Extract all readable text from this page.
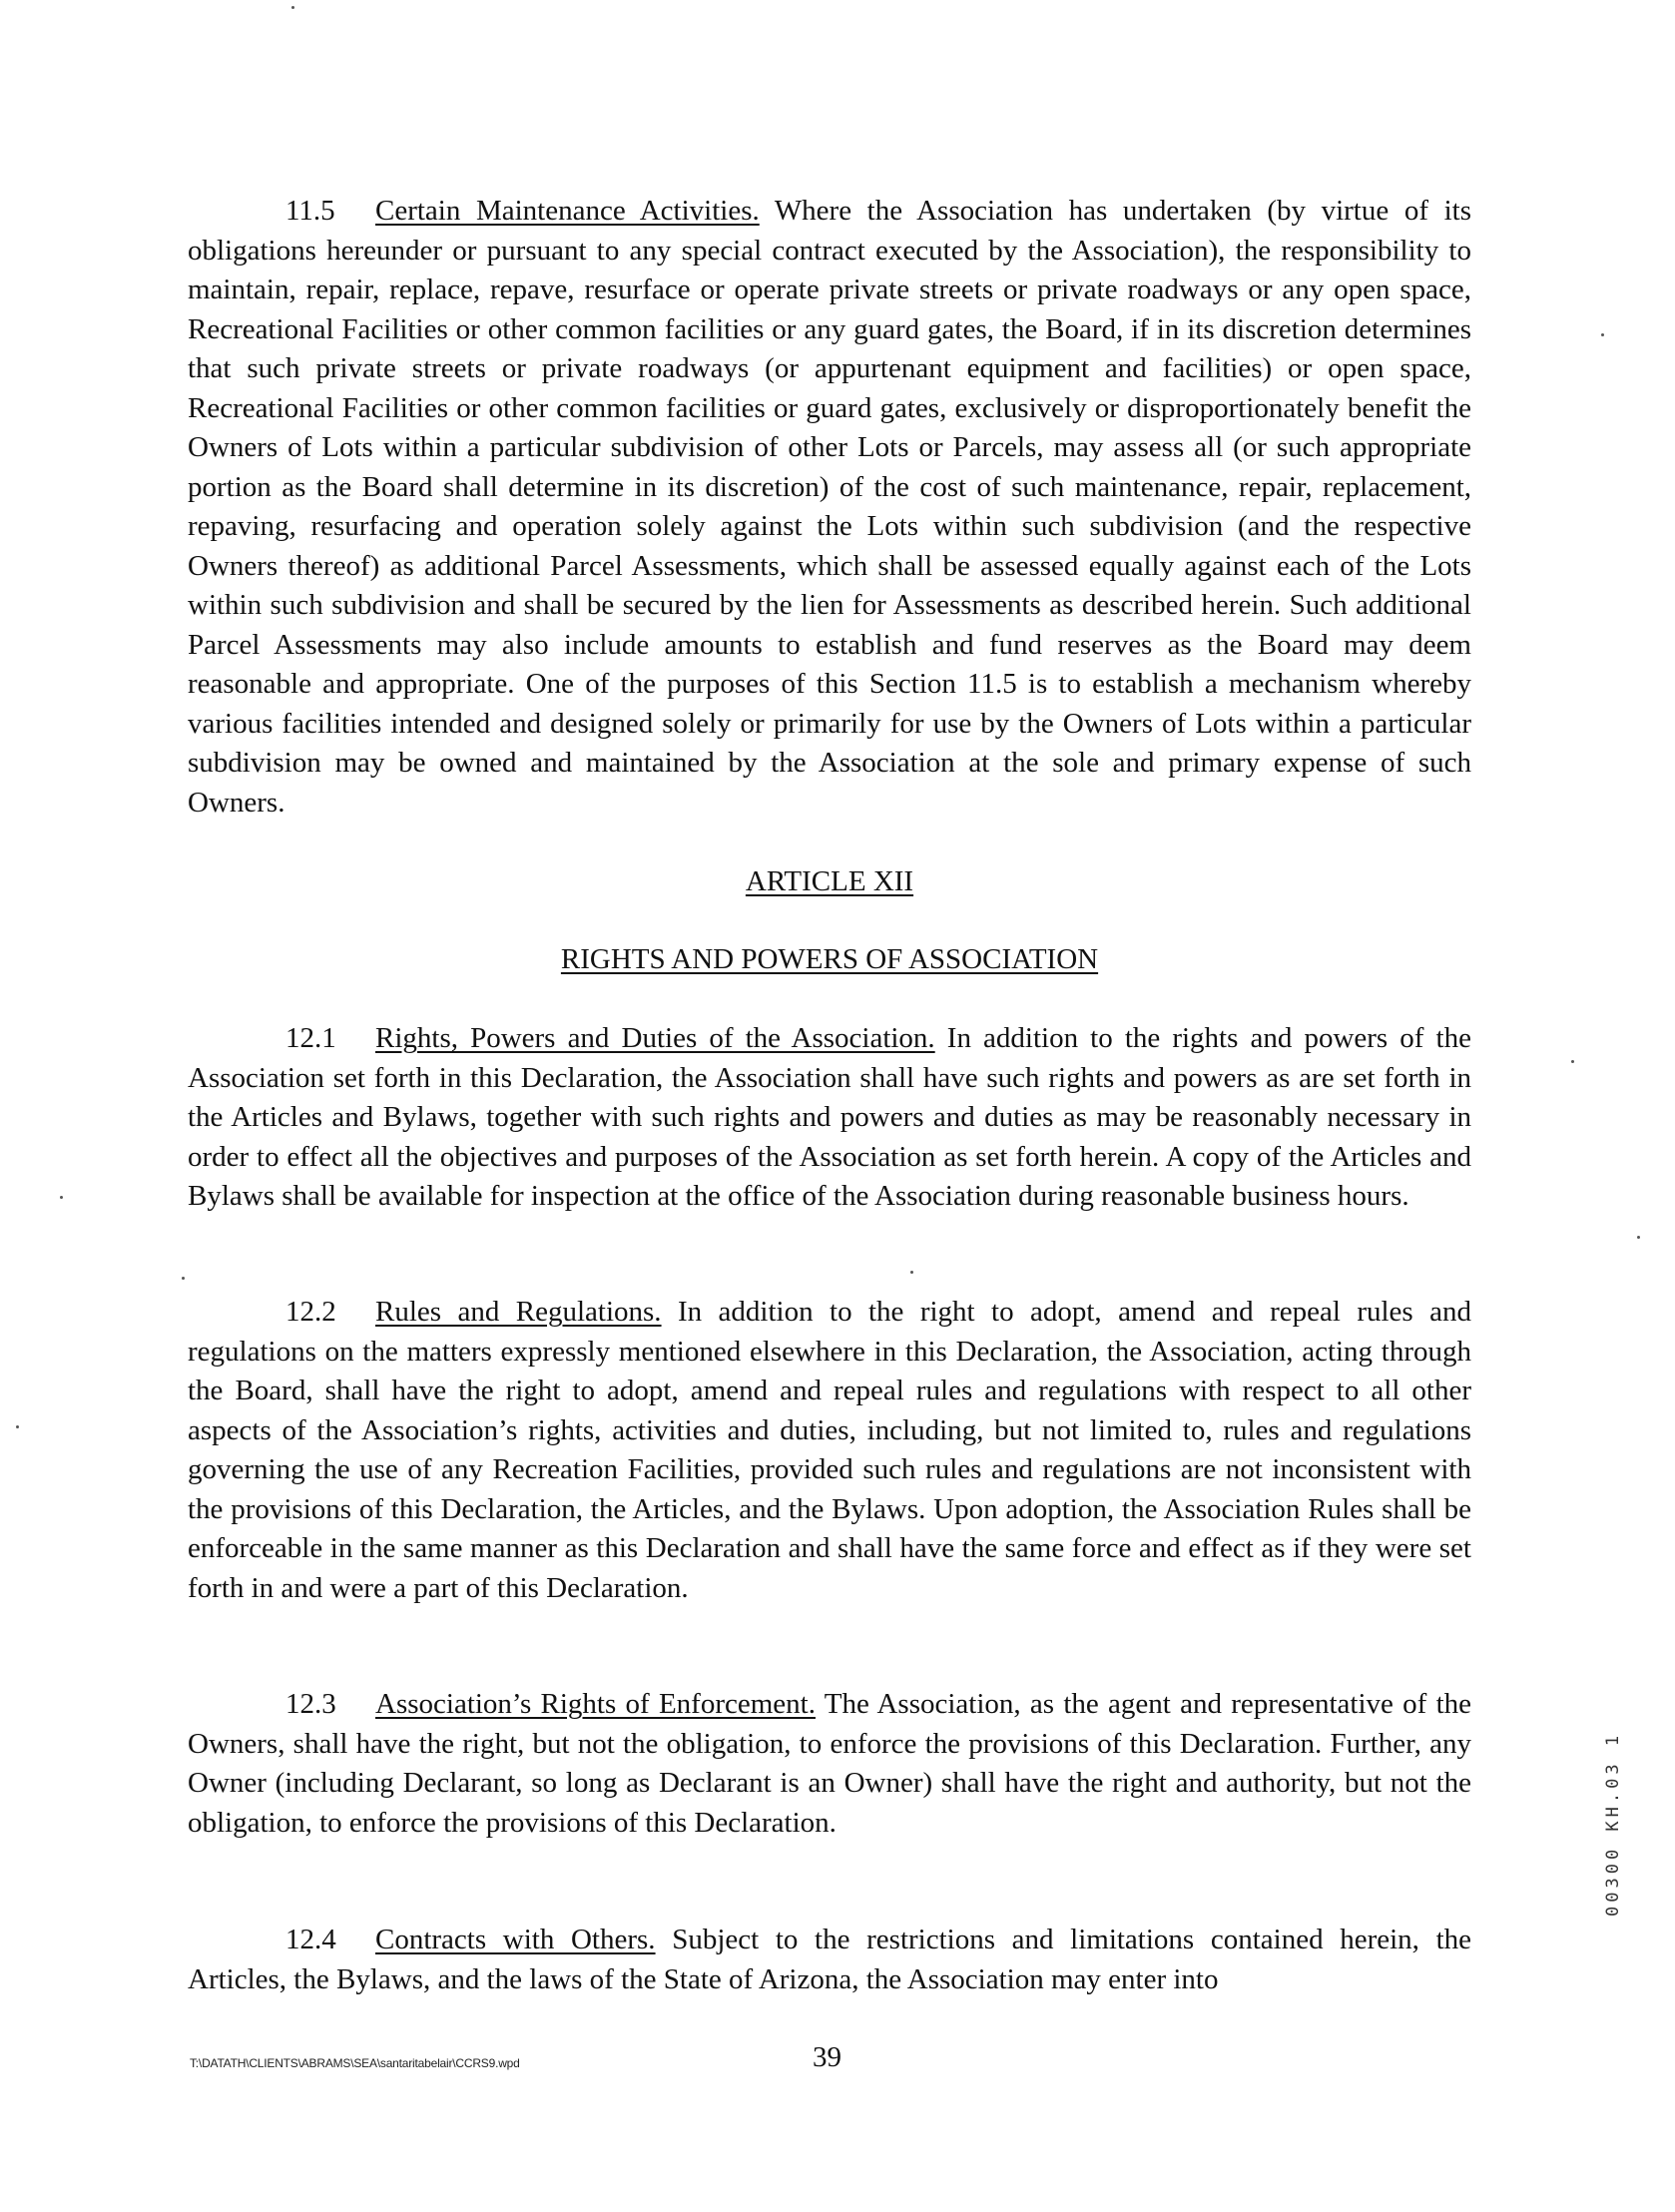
11.5 Certain Maintenance Activities. Where the Association has undertaken (by virtue of its obligations hereunder or pursuant to any special contract executed by the Association), the responsibility to maintain, repair, replace, repave, resurface or operate private streets or private roadways or any open space, Recreational Facilities or other common facilities or any guard gates, the Board, if in its discretion determines that such private streets or private roadways (or appurtenant equipment and facilities) or open space, Recreational Facilities or other common facilities or guard gates, exclusively or disproportionately benefit the Owners of Lots within a particular subdivision of other Lots or Parcels, may assess all (or such appropriate portion as the Board shall determine in its discretion) of the cost of such maintenance, repair, replacement, repaving, resurfacing and operation solely against the Lots within such subdivision (and the respective Owners thereof) as additional Parcel Assessments, which shall be assessed equally against each of the Lots within such subdivision and shall be secured by the lien for Assessments as described herein. Such additional Parcel Assessments may also include amounts to establish and fund reserves as the Board may deem reasonable and appropriate. One of the purposes of this Section 11.5 is to establish a mechanism whereby various facilities intended and designed solely or primarily for use by the Owners of Lots within a particular subdivision may be owned and maintained by the Association at the sole and primary expense of such Owners.

ARTICLE XII

RIGHTS AND POWERS OF ASSOCIATION

12.1 Rights, Powers and Duties of the Association. In addition to the rights and powers of the Association set forth in this Declaration, the Association shall have such rights and powers as are set forth in the Articles and Bylaws, together with such rights and powers and duties as may be reasonably necessary in order to effect all the objectives and purposes of the Association as set forth herein. A copy of the Articles and Bylaws shall be available for inspection at the office of the Association during reasonable business hours.

12.2 Rules and Regulations. In addition to the right to adopt, amend and repeal rules and regulations on the matters expressly mentioned elsewhere in this Declaration, the Association, acting through the Board, shall have the right to adopt, amend and repeal rules and regulations with respect to all other aspects of the Association’s rights, activities and duties, including, but not limited to, rules and regulations governing the use of any Recreation Facilities, provided such rules and regulations are not inconsistent with the provisions of this Declaration, the Articles, and the Bylaws. Upon adoption, the Association Rules shall be enforceable in the same manner as this Declaration and shall have the same force and effect as if they were set forth in and were a part of this Declaration.

12.3 Association’s Rights of Enforcement. The Association, as the agent and representative of the Owners, shall have the right, but not the obligation, to enforce the provisions of this Declaration. Further, any Owner (including Declarant, so long as Declarant is an Owner) shall have the right and authority, but not the obligation, to enforce the provisions of this Declaration.

12.4 Contracts with Others. Subject to the restrictions and limitations contained herein, the Articles, the Bylaws, and the laws of the State of Arizona, the Association may enter into

T:\DATATH\CLIENTS\ABRAMS\SEA\santaritabelair\CCRS9.wpd	39
00300 KH.03 1
